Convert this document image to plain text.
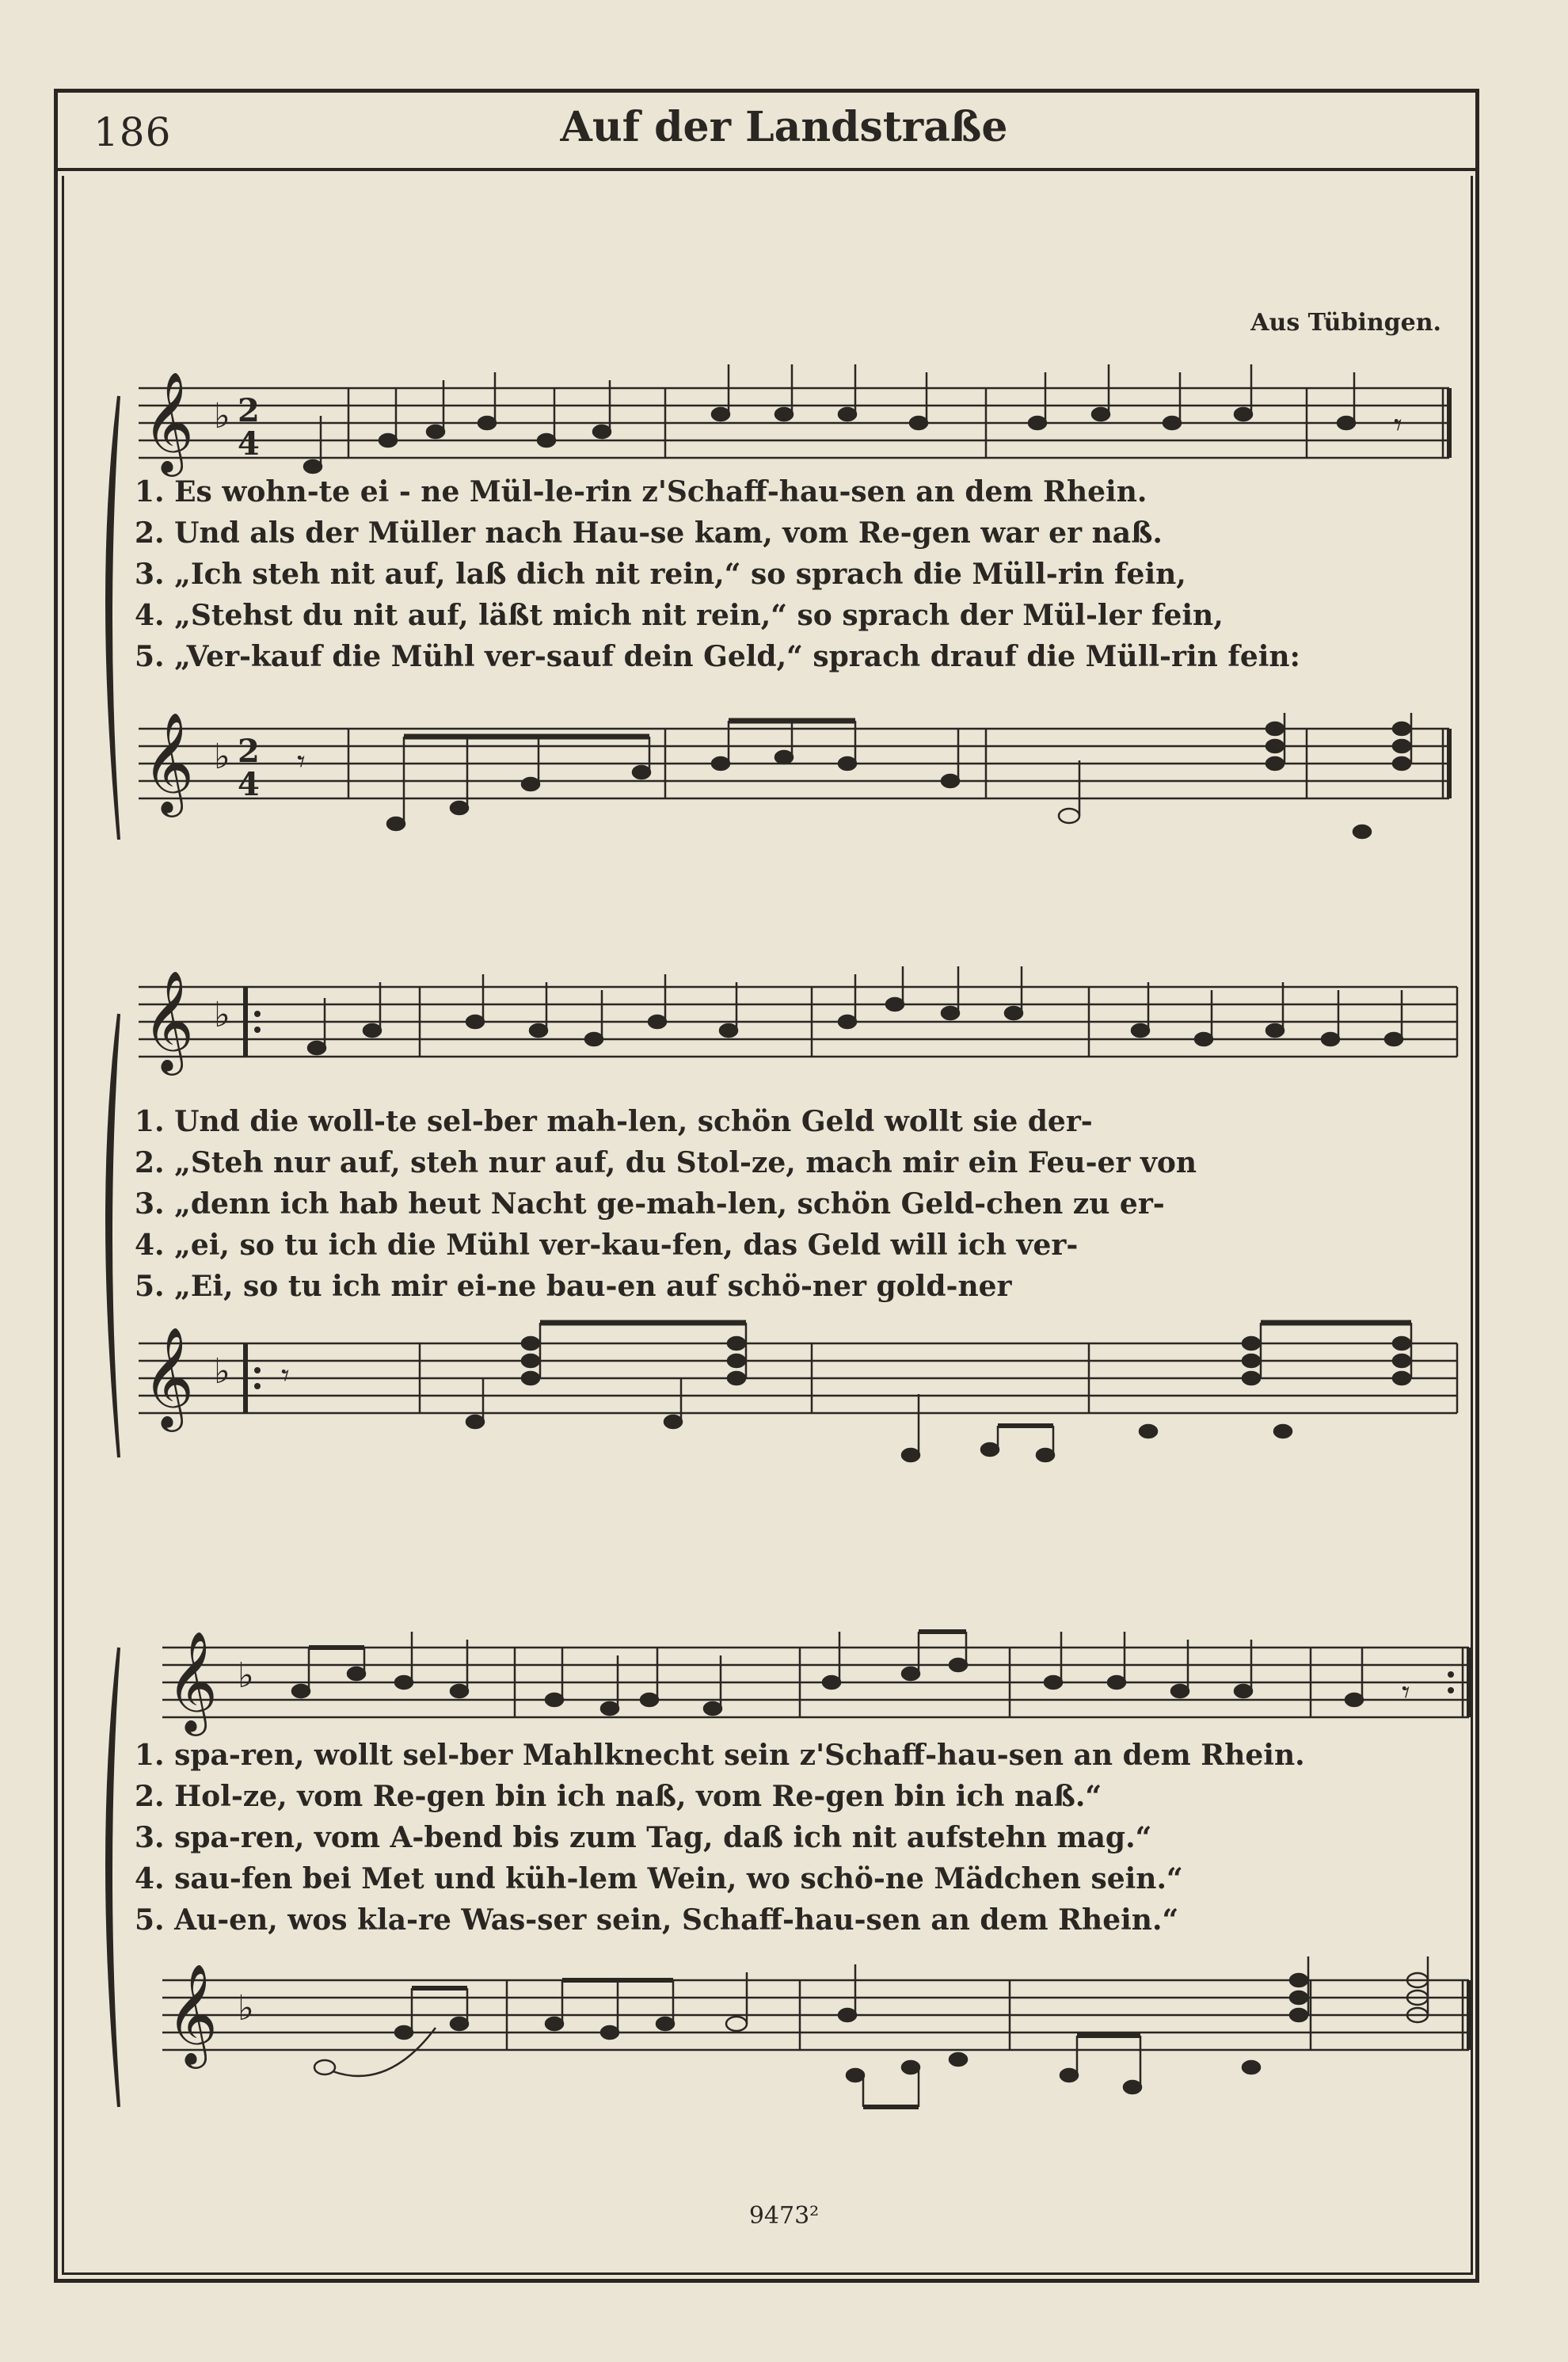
186	Auf der Landstraße
Aus Tübingen.
𝄞 ♭ 2
4	𝄾
𝄞 ♭ 2
4
𝄾
1. Es wohn-te ei - ne Mül-le-rin z'Schaff-hau-sen an dem Rhein.
2. Und als der Müller nach Hau-se kam, vom Re-gen war er naß.
3. „Ich steh nit auf, laß dich nit rein,“ so sprach die Müll-rin fein,
4. „Stehst du nit auf, läßt mich nit rein,“ so sprach der Mül-ler fein,
5. „Ver-kauf die Mühl ver-sauf dein Geld,“ sprach drauf die Müll-rin fein:
𝄞 ♭
𝄞 ♭ 𝄾
1. Und die woll-te sel-ber mah-len, schön Geld wollt sie der-
2. „Steh nur auf, steh nur auf, du Stol-ze, mach mir ein Feu-er von
3. „denn ich hab heut Nacht ge-mah-len, schön Geld-chen zu er-
4. „ei, so tu ich die Mühl ver-kau-fen, das Geld will ich ver-
5. „Ei, so tu ich mir ei-ne bau-en auf schö-ner gold-ner
𝄞 ♭	𝄾
𝄞 ♭
1. spa-ren, wollt sel-ber Mahlknecht sein z'Schaff-hau-sen an dem Rhein.
2. Hol-ze, vom Re-gen bin ich naß, vom Re-gen bin ich naß.“
3. spa-ren, vom A-bend bis zum Tag, daß ich nit aufstehn mag.“
4. sau-fen bei Met und küh-lem Wein, wo schö-ne Mädchen sein.“
5. Au-en, wos kla-re Was-ser sein, Schaff-hau-sen an dem Rhein.“
9473²
